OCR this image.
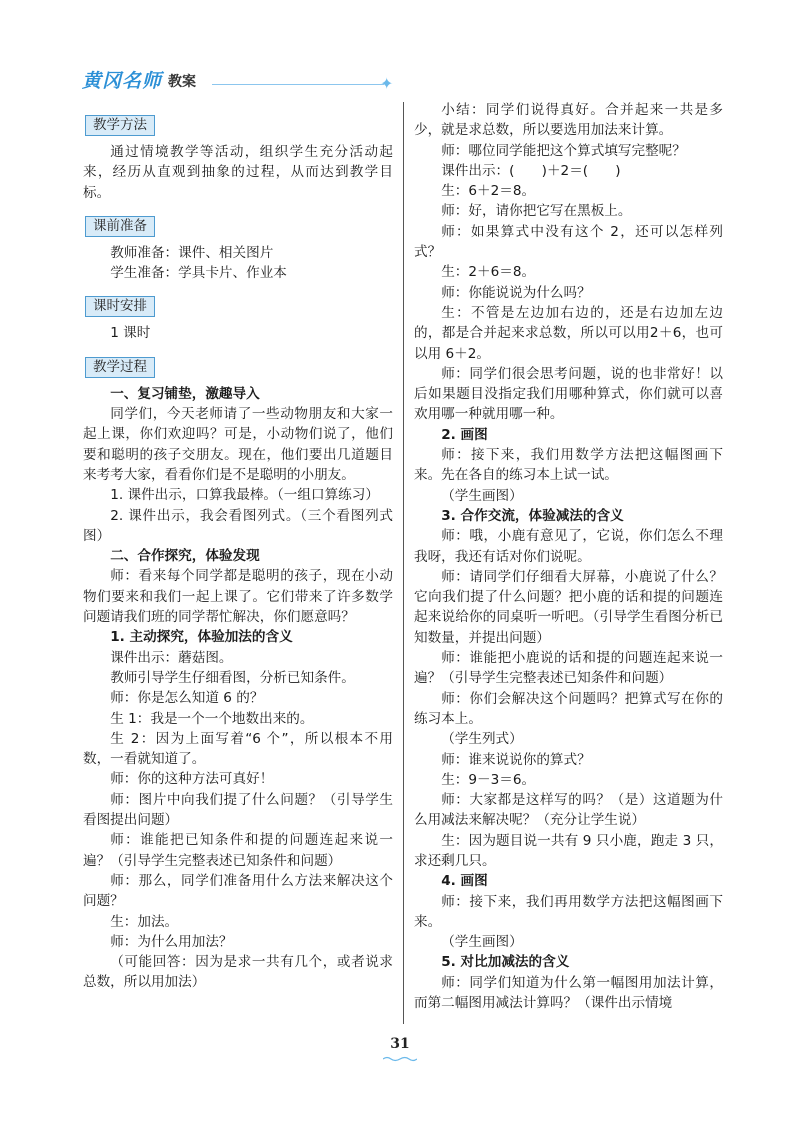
黄冈名师 教案	✦
教学方法

通过情境教学等活动，组织学生充分活动起来，经历从直观到抽象的过程，从而达到教学目标。

课前准备

教师准备：课件、相关图片

学生准备：学具卡片、作业本

课时安排

1 课时

教学过程

一、复习铺垫，激趣导入

同学们，今天老师请了一些动物朋友和大家一起上课，你们欢迎吗？可是，小动物们说了，他们要和聪明的孩子交朋友。现在，他们要出几道题目来考考大家，看看你们是不是聪明的小朋友。

1. 课件出示，口算我最棒。（一组口算练习）

2. 课件出示，我会看图列式。（三个看图列式图）

二、合作探究，体验发现

师：看来每个同学都是聪明的孩子，现在小动物们要来和我们一起上课了。它们带来了许多数学问题请我们班的同学帮忙解决，你们愿意吗？

1. 主动探究，体验加法的含义

课件出示：蘑菇图。

教师引导学生仔细看图，分析已知条件。

师：你是怎么知道 6 的？

生 1：我是一个一个地数出来的。

生 2：因为上面写着“6 个”，所以根本不用数，一看就知道了。

师：你的这种方法可真好！

师：图片中向我们提了什么问题？（引导学生看图提出问题）

师：谁能把已知条件和提的问题连起来说一遍？（引导学生完整表述已知条件和问题）

师：那么，同学们准备用什么方法来解决这个问题？

生：加法。

师：为什么用加法？

（可能回答：因为是求一共有几个，或者说求总数，所以用加法）

小结：同学们说得真好。合并起来一共是多少，就是求总数，所以要选用加法来计算。

师：哪位同学能把这个算式填写完整呢？

课件出示：(　　)＋2＝(　　)

生：6＋2＝8。

师：好，请你把它写在黑板上。

师：如果算式中没有这个 2，还可以怎样列式？

生：2＋6＝8。

师：你能说说为什么吗？

生：不管是左边加右边的，还是右边加左边的，都是合并起来求总数，所以可以用2＋6，也可以用 6＋2。

师：同学们很会思考问题，说的也非常好！以后如果题目没指定我们用哪种算式，你们就可以喜欢用哪一种就用哪一种。

2. 画图

师：接下来，我们用数学方法把这幅图画下来。先在各自的练习本上试一试。

（学生画图）

3. 合作交流，体验减法的含义

师：哦，小鹿有意见了，它说，你们怎么不理我呀，我还有话对你们说呢。

师：请同学们仔细看大屏幕，小鹿说了什么？它向我们提了什么问题？把小鹿的话和提的问题连起来说给你的同桌听一听吧。（引导学生看图分析已知数量，并提出问题）

师：谁能把小鹿说的话和提的问题连起来说一遍？（引导学生完整表述已知条件和问题）

师：你们会解决这个问题吗？把算式写在你的练习本上。

（学生列式）

师：谁来说说你的算式？

生：9－3＝6。

师：大家都是这样写的吗？（是）这道题为什么用减法来解决呢？（充分让学生说）

生：因为题目说一共有 9 只小鹿，跑走 3 只，求还剩几只。

4. 画图

师：接下来，我们再用数学方法把这幅图画下来。

（学生画图）

5. 对比加减法的含义

师：同学们知道为什么第一幅图用加法计算，而第二幅图用减法计算吗？（课件出示情境

31
